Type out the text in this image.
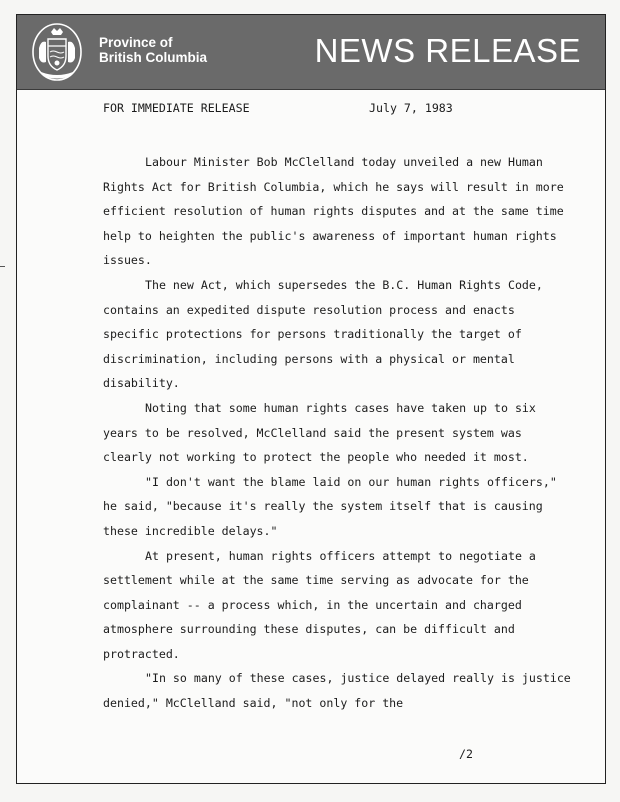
Province of
British Columbia	NEWS RELEASE
FOR IMMEDIATE RELEASE	July 7, 1983

Labour Minister Bob McClelland today unveiled a new Human Rights Act for British Columbia, which he says will result in more efficient resolution of human rights disputes and at the same time help to heighten the public's awareness of important human rights issues.

The new Act, which supersedes the B.C. Human Rights Code, contains an expedited dispute resolution process and enacts specific protections for persons traditionally the target of discrimination, including persons with a physical or mental disability.

Noting that some human rights cases have taken up to six years to be resolved, McClelland said the present system was clearly not working to protect the people who needed it most.

"I don't want the blame laid on our human rights officers," he said, "because it's really the system itself that is causing these incredible delays."

At present, human rights officers attempt to negotiate a settlement while at the same time serving as advocate for the complainant -- a process which, in the uncertain and charged atmosphere surrounding these disputes, can be difficult and protracted.

"In so many of these cases, justice delayed really is justice denied," McClelland said, "not only for the

/2
